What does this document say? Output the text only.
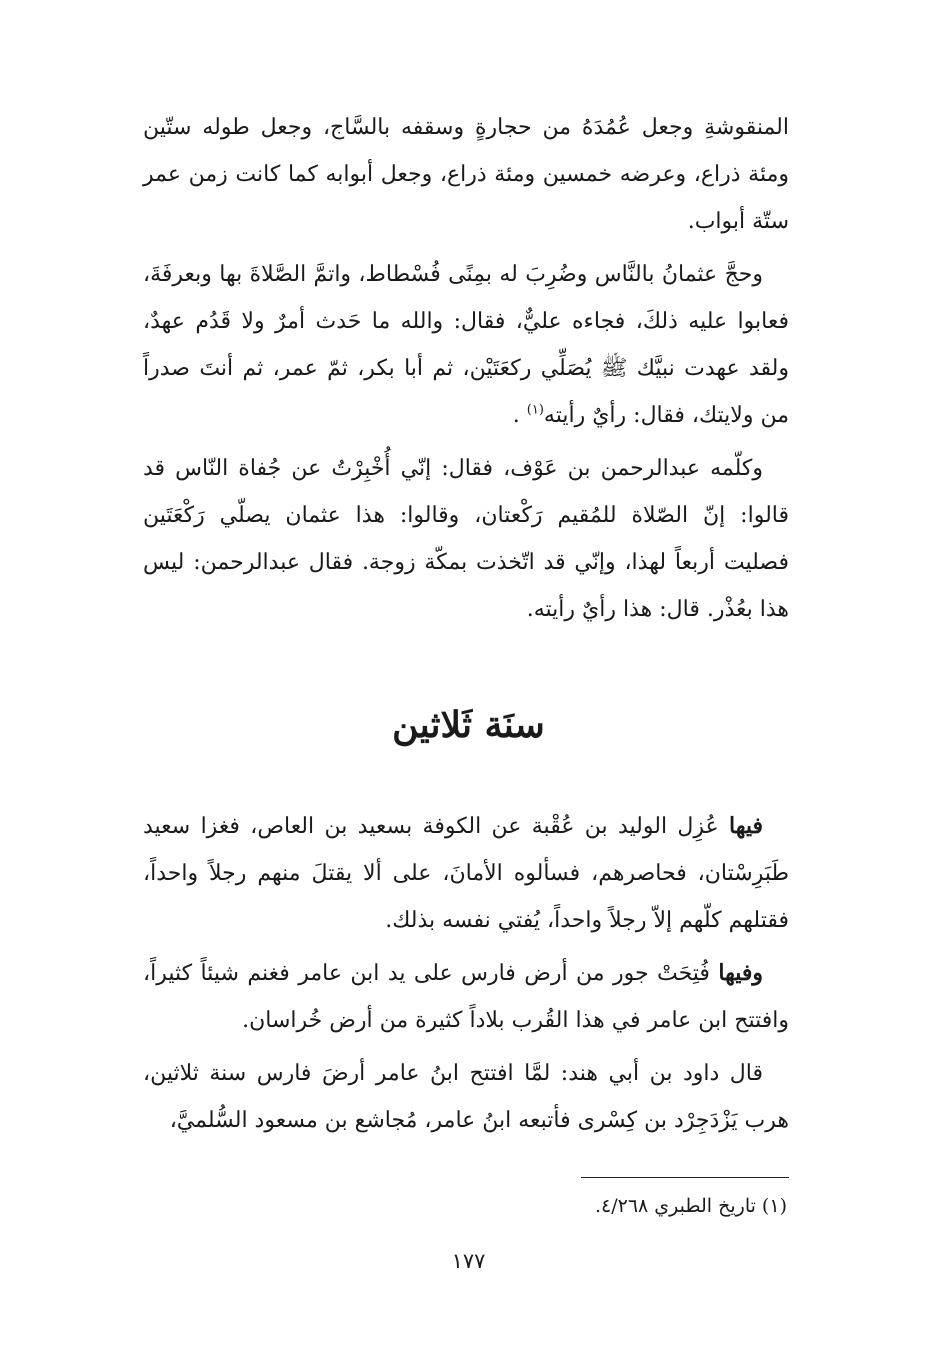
المنقوشةِ وجعل عُمُدَهُ من حجارةٍ وسقفه بالسَّاج، وجعل طوله ستّين ومئة ذراع، وعرضه خمسين ومئة ذراع، وجعل أبوابه كما كانت زمن عمر ستّة أبواب.

وحجَّ عثمانُ بالنَّاس وضُرِبَ له بمِنًى فُسْطاط، واتمَّ الصَّلاةَ بها وبعرفَةَ، فعابوا عليه ذلكَ، فجاءه عليٌّ، فقال: والله ما حَدث أمرٌ ولا قَدُم عهدٌ، ولقد عهدت نبيَّك ﷺ يُصَلِّي ركعَتَيْن، ثم أبا بكر، ثمّ عمر، ثم أنتَ صدراً من ولايتك، فقال: رأيٌ رأيته$^{(١)}$ .

وكلّمه عبدالرحمن بن عَوْف، فقال: إنّي أُخْبِرْتُ عن جُفاة النّاس قد قالوا: إنّ الصّلاة للمُقيم رَكْعتان، وقالوا: هذا عثمان يصلّي رَكْعَتَين فصليت أربعاً لهذا، وإنّي قد اتّخذت بمكّة زوجة. فقال عبدالرحمن: ليس هذا بعُذْر. قال: هذا رأيٌ رأيته.

سنَة ثَلاثين

فيها عُزِل الوليد بن عُقْبة عن الكوفة بسعيد بن العاص، فغزا سعيد طَبَرِسْتان، فحاصرهم، فسألوه الأمانَ، على ألا يقتلَ منهم رجلاً واحداً، فقتلهم كلّهم إلاّ رجلاً واحداً، يُفتي نفسه بذلك.

وفيها فُتِحَتْ جور من أرض فارس على يد ابن عامر فغنم شيئاً كثيراً، وافتتح ابن عامر في هذا القُرب بلاداً كثيرة من أرض خُراسان.

قال داود بن أبي هند: لمَّا افتتح ابنُ عامر أرضَ فارس سنة ثلاثين، هرب يَزْدَجِرْد بن كِسْرى فأتبعه ابنُ عامر، مُجاشع بن مسعود السُّلميَّ،

(١) تاريخ الطبري ٤/٢٦٨.
١٧٧
